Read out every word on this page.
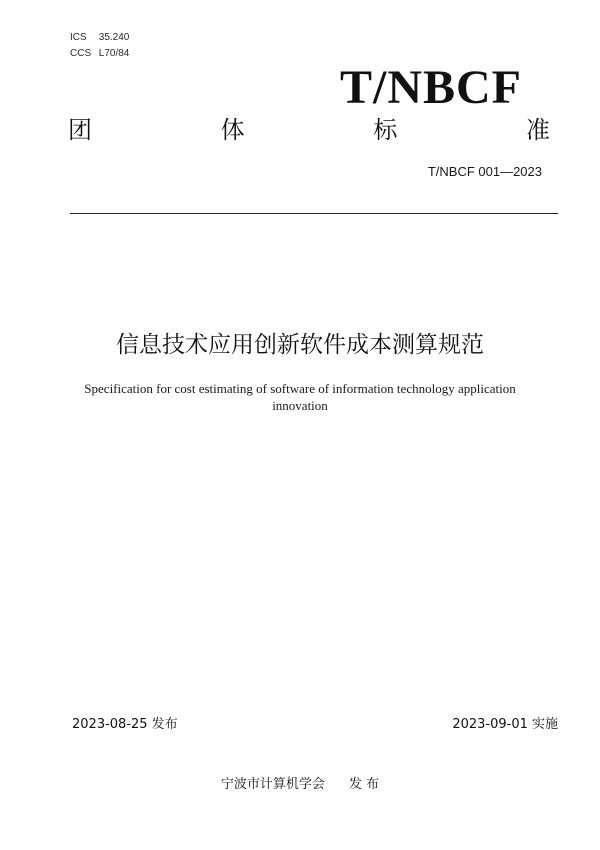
ICS 35.240
CCS L70/84
T/NBCF
团	体	标	准
T/NBCF 001—2023
信息技术应用创新软件成本测算规范
Specification for cost estimating of software of information technology application
innovation
2023-08-25 发布	2023-09-01 实施
宁波市计算机学会 发 布
